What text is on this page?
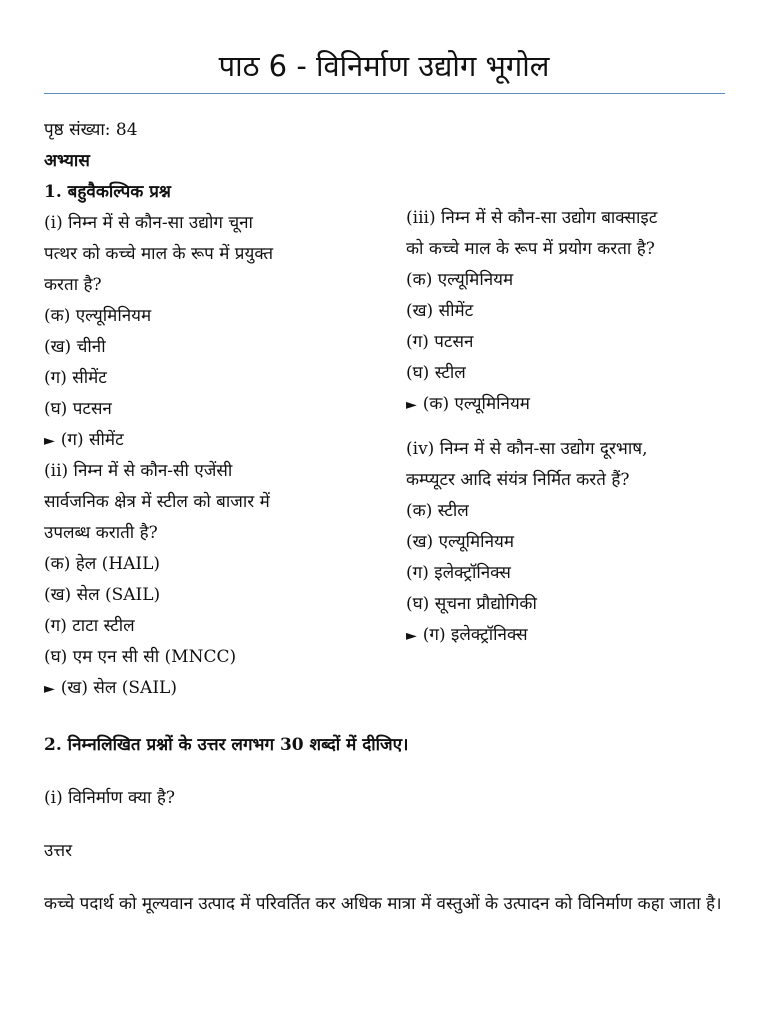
पाठ 6 - विनिर्माण उद्योग भूगोल
पृष्ठ संख्या: 84
अभ्यास
1. बहुवैकल्पिक प्रश्न
(i) निम्न में से कौन-सा उद्योग चूना
पत्थर को कच्चे माल के रूप में प्रयुक्त
करता है?
(क) एल्यूमिनियम
(ख) चीनी
(ग) सीमेंट
(घ) पटसन
► (ग) सीमेंट
(ii) निम्न में से कौन-सी एजेंसी
सार्वजनिक क्षेत्र में स्टील को बाजार में
उपलब्ध कराती है?
(क) हेल (HAIL)
(ख) सेल (SAIL)
(ग) टाटा स्टील
(घ) एम एन सी सी (MNCC)
► (ख) सेल (SAIL)
(iii) निम्न में से कौन-सा उद्योग बाक्साइट
को कच्चे माल के रूप में प्रयोग करता है?
(क) एल्यूमिनियम
(ख) सीमेंट
(ग) पटसन
(घ) स्टील
► (क) एल्यूमिनियम
(iv) निम्न में से कौन-सा उद्योग दूरभाष,
कम्प्यूटर आदि संयंत्र निर्मित करते हैं?
(क) स्टील
(ख) एल्यूमिनियम
(ग) इलेक्ट्रॉनिक्स
(घ) सूचना प्रौद्योगिकी
► (ग) इलेक्ट्रॉनिक्स
2. निम्नलिखित प्रश्नों के उत्तर लगभग 30 शब्दों में दीजिए।
(i) विनिर्माण क्या है?
उत्तर
कच्चे पदार्थ को मूल्यवान उत्पाद में परिवर्तित कर अधिक मात्रा में वस्तुओं के उत्पादन को विनिर्माण कहा जाता है।
